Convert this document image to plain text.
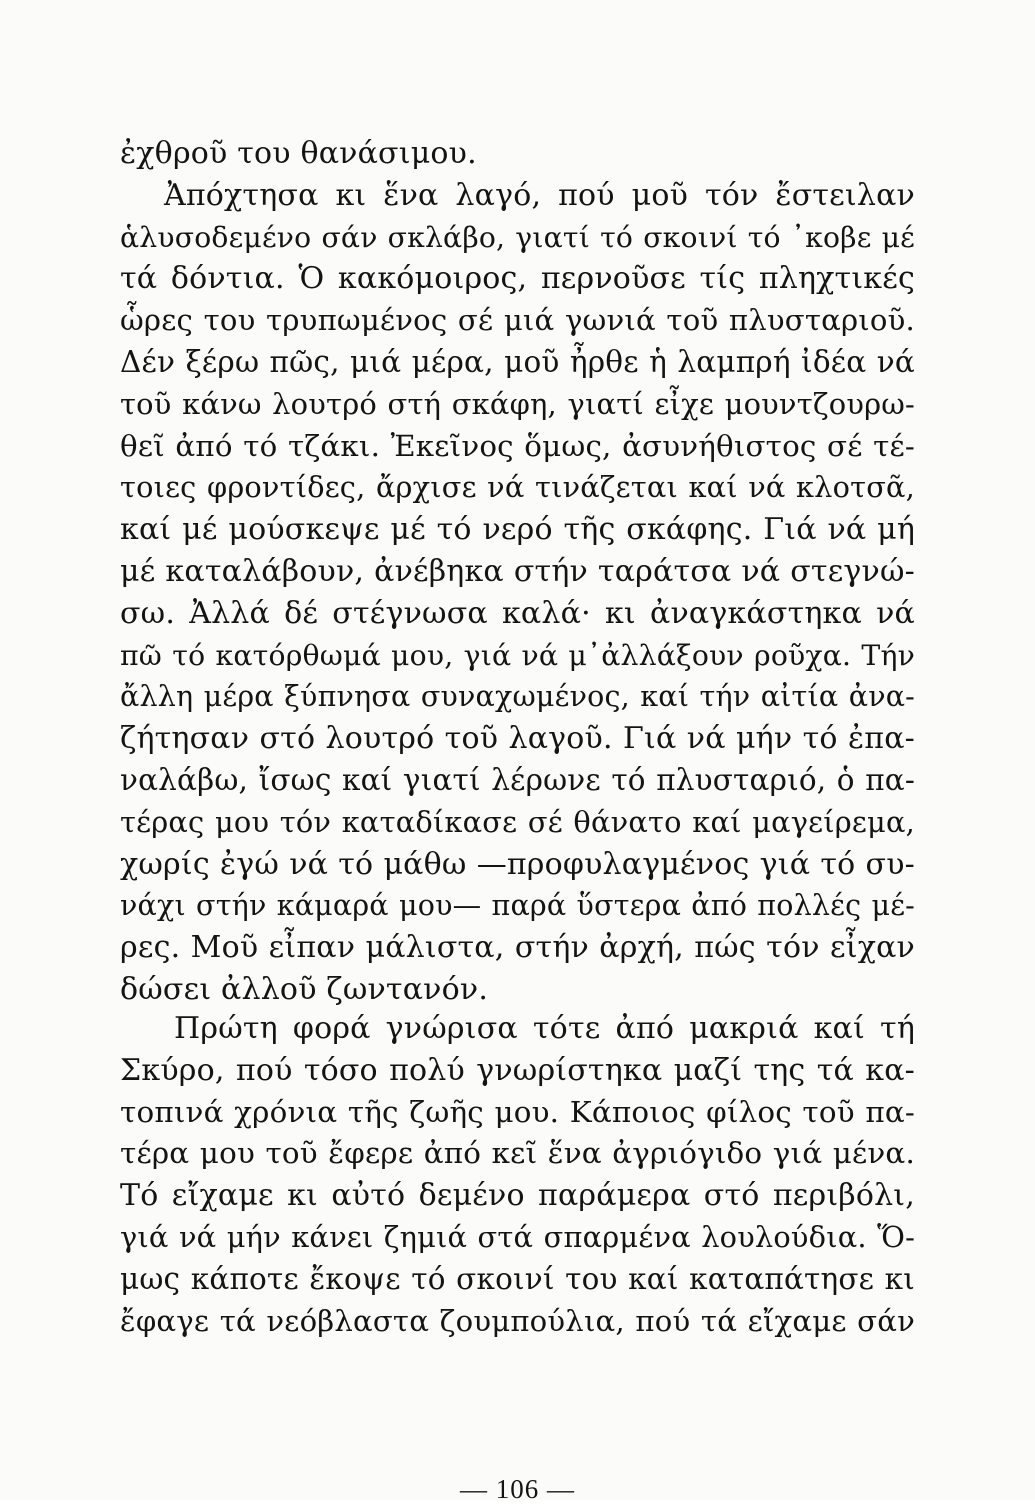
ἐχθροῦ του θανάσιμου.
Ἀπόχτησα κι ἕνα λαγό, πού μοῦ τόν ἔστειλαν
ἁλυσοδεμένο σάν σκλάβο, γιατί τό σκοινί τό ᾿κοβε μέ
τά δόντια. Ὁ κακόμοιρος, περνοῦσε τίς πληχτικές
ὧρες του τρυπωμένος σέ μιά γωνιά τοῦ πλυσταριοῦ.
Δέν ξέρω πῶς, μιά μέρα, μοῦ ἦρθε ἡ λαμπρή ἰδέα νά
τοῦ κάνω λουτρό στή σκάφη, γιατί εἶχε μουντζουρω-
θεῖ ἀπό τό τζάκι. Ἐκεῖνος ὅμως, ἀσυνήθιστος σέ τέ-
τοιες φροντίδες, ἄρχισε νά τινάζεται καί νά κλοτσᾶ,
καί μέ μούσκεψε μέ τό νερό τῆς σκάφης. Γιά νά μή
μέ καταλάβουν, ἀνέβηκα στήν ταράτσα νά στεγνώ-
σω. Ἀλλά δέ στέγνωσα καλά· κι ἀναγκάστηκα νά
πῶ τό κατόρθωμά μου, γιά νά μ᾿ἀλλάξουν ροῦχα. Τήν
ἄλλη μέρα ξύπνησα συναχωμένος, καί τήν αἰτία ἀνα-
ζήτησαν στό λουτρό τοῦ λαγοῦ. Γιά νά μήν τό ἐπα-
ναλάβω, ἴσως καί γιατί λέρωνε τό πλυσταριό, ὁ πα-
τέρας μου τόν καταδίκασε σέ θάνατο καί μαγείρεμα,
χωρίς ἐγώ νά τό μάθω —προφυλαγμένος γιά τό συ-
νάχι στήν κάμαρά μου— παρά ὕστερα ἀπό πολλές μέ-
ρες. Μοῦ εἶπαν μάλιστα, στήν ἀρχή, πώς τόν εἶχαν
δώσει ἀλλοῦ ζωντανόν.
Πρώτη φορά γνώρισα τότε ἀπό μακριά καί τή
Σκύρο, πού τόσο πολύ γνωρίστηκα μαζί της τά κα-
τοπινά χρόνια τῆς ζωῆς μου. Κάποιος φίλος τοῦ πα-
τέρα μου τοῦ ἔφερε ἀπό κεῖ ἕνα ἀγριόγιδο γιά μένα.
Τό εἴχαμε κι αὐτό δεμένο παράμερα στό περιβόλι,
γιά νά μήν κάνει ζημιά στά σπαρμένα λουλούδια. Ὅ-
μως κάποτε ἔκοψε τό σκοινί του καί καταπάτησε κι
ἔφαγε τά νεόβλαστα ζουμπούλια, πού τά εἴχαμε σάν
— 106 —
